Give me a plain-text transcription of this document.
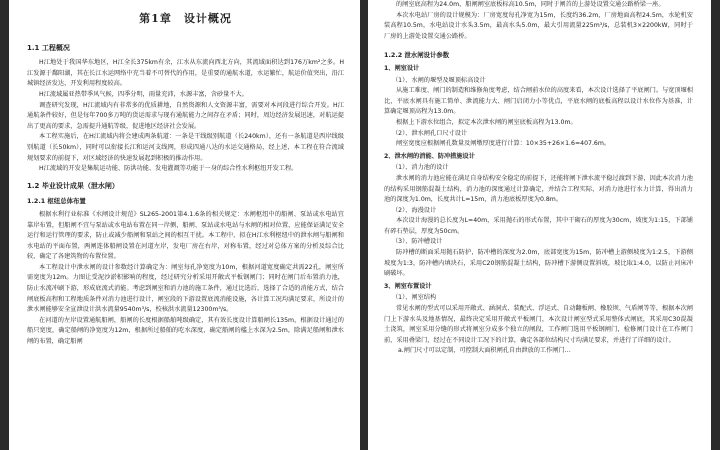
第1章　设计概况
1.1 工程概况

H江地处于我国华东地区，H江全长375km有余，江水从东流向西北方向，其流域面积达到176万km²之多。H江发源于鄱阳湖，其在长江水运网络中充当着不可替代的作用，是重要的通航水道，水运繁忙，航运价值突出，沿江城镇经济发达，开发利用程度较高。

H江流域属亚热带季风气候，四季分明，雨量充沛，水源丰富，含砂量不大。

调查研究发现，H江流域内有非常多的优质耕地，自然资源和人文资源丰富，需要对本河段进行综合开发。H江通航条件较好，但是每年700多万吨的货运需求与现有通航能力之间存在矛盾；同时，周边经济发展迅速，对航运提出了更高的要求，急需提升通航等级，促进地区经济社会发展。

本工程实施后，在H江流域内将会建成两条航道：一条是干线级别航道（长240km），还有一条航道是西岸线级别航道（长50km），同时可以衔接长江和运河支线网，形成四通八达的水运交通格局，经上述，本工程在符合流域规划要求的前提下，对区域经济的快速发展起到积极的推动作用。

H江流域的开发是集航运功能、防洪功能、发电灌溉等功能于一身的综合性水利枢纽开发工程。

1.2 毕业设计成果（泄水闸）
1.2.1 枢纽总体布置

根据水利行业标准《水闸设计规范》SL265-2001第4.1.6条的相关规定：水闸枢纽中的船闸、泵站或水电站宜靠岸布置，但船闸不宜与泵站或水电站布置在同一岸侧，船闸、泵站或水电站与水闸的相对位置，应能保证满足安全运行和运行管理的要求，防止或减少船闸和泵站之间的相互干扰。本工程中，拟在H江水利枢纽中的泄水闸与船闸和水电站的平面布置，两闸连体船闸设置在河道左岸，发电厂房在右岸，对称布置，经过对总体方案的分析及综合比较，确定了各建筑物的布置位置。

本工程设计中泄水闸的设计参数经计算确定为：闸室每孔净宽度为10m，根据河道宽度确定共需22孔，闸室所需宽度为12m。力图让受泥沙淤积影响的程度，经过研究分析采用开敞式平板钢闸门；同时在闸门后布置消力池，防止水流冲刷下游，形成底流式消能。考虑到闸室和消力池的施工条件，通过比选后，选择了合适的消能方式，结合闸底板高程和工程地质条件对消力池进行设计，闸室段的下游设置底流消能设施，各计算工况均满足要求，所设计的泄水闸能够安全宣泄设计洪水流量9540m³/s，校核洪水流量12300m³/s。

在河道的左岸设置通航船闸，船闸的长度根据船舶吨级确定，其有效长度设计算船闸长135m，根据设计通过的船只宽度，确定船闸的净宽度为12m，根据所过船舶的吃水深度，确定船闸的槛上水深为2.5m，除满足船闸和泄水闸的布置，确定船闸

的闸室底高程为24.0m，船闸闸室底板标高10.5m，同时于闸首的上游处设置交通公路桥梁一座。

本次水电站厂房的设计规模为：厂房宽度每孔净宽为15m，长度约36.2m，厂房地面高程24.5m，水轮机安装高程10.5m，水电站设计水头3.5m，最高水头5.0m，最大引用流量225m³/s，总装机3×2200kW，同时于厂房的上游处设置交通公路桥。

1.2.2 泄水闸设计参数
1、闸室设计
（1）、水闸的堰型及堰顶标高设计

从施工难度、闸门的制造和维修角度考虑，结合闸前水位的高度来看，本次设计选择了平底闸门。与宽顶堰相比，平底水闸具有施工简单、泄流能力大、闸门启闭力小等优点，平底水闸的底板高程以设计水位作为基准，计算确定堰顶高程为13.0m。

根据上下游水位组合，拟定本次泄水闸的闸室底板高程为13.0m。

（2）、泄水闸孔口尺寸设计

闸室宽度应根据闸孔数量及闸墩厚度进行计算：10×35+26×1.6=407.6m。

2、泄水闸的消能、防冲措施设计
（1）、消力池的设计

泄水闸的消力池应能在满足自身结构安全稳定的前提下，还能将闸下泄水流平稳过渡到下游，因此本次消力池的结构采用钢筋混凝土结构，消力池的深度通过计算确定，并结合工程实际，对消力池进行水力计算，得出消力池的深度为1.0m，长度共计L=15m，消力池底板厚度为0.8m。

（2）、海漫设计

本次设计海漫的总长度为L=40m，采用抛石的形式布置，其中干砌石的厚度为30cm，坡度为1:15，下部铺有碎石垫层，厚度为50cm。

（3）、防冲槽设计

防冲槽的断面采用抛石防护，防冲槽的深度为2.0m，底部宽度为15m，防冲槽上游侧坡度为1:2.5，下游侧坡度为1:3，防冲槽内填块石，采用C20钢筋混凝土结构，防冲槽下游侧设置斜坡，坡比取1:4.0，以防止河床冲刷破坏。

3、闸室布置设计
（1）、闸室结构

常见水闸的型式可以采用开敞式、涵洞式、装配式、浮运式、自动翻板闸、橡胶坝、气盾闸等等，根据本次闸门上下游水头及地基情况，最终决定采用开敞式平板闸门，本次设计闸室型式采用整体式闸底，其采用C30混凝土浇筑，闸室采用分缝的形式将闸室分成多个独立的闸段，工作闸门选用平板钢闸门，检修闸门设计在工作闸门前，采用叠梁门，经过在不同设计工况下的计算，确定各部位结构尺寸均满足要求，并进行了详细的设计。

a.闸门尺寸可以定制，可控制大面积闸孔自由泄放的工作闸门…
